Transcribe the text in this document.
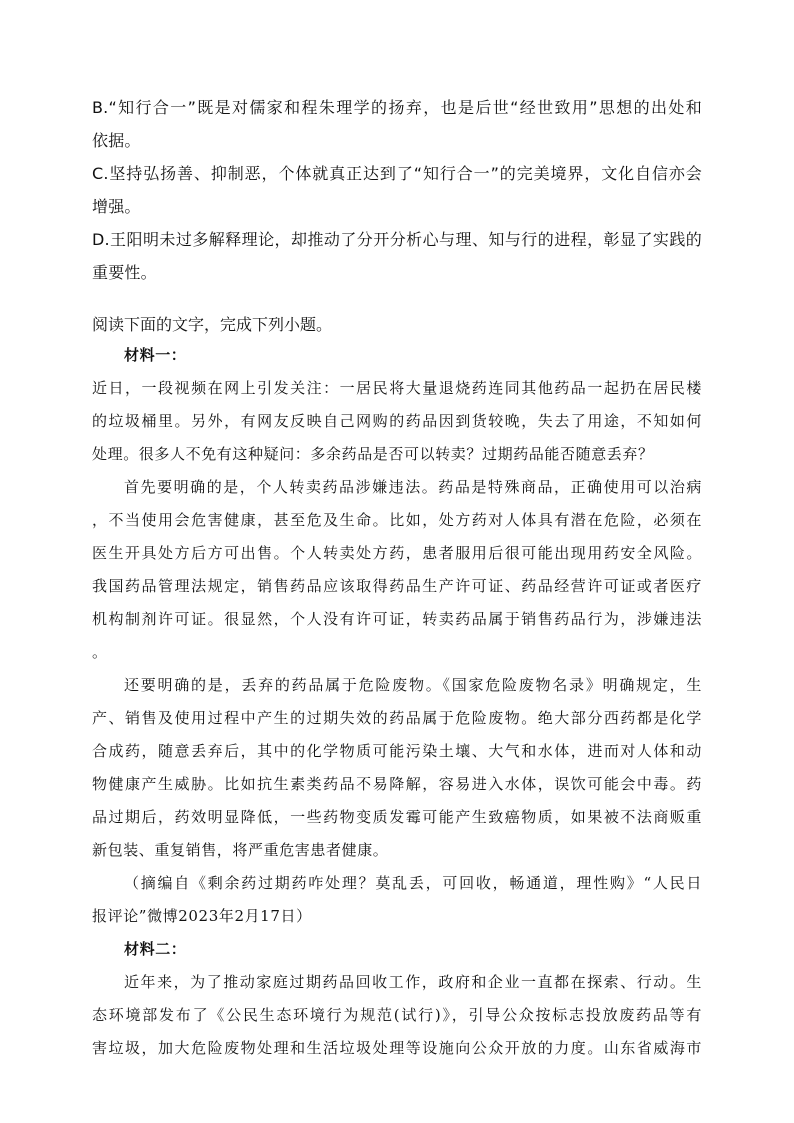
B.“知行合一”既是对儒家和程朱理学的扬弃，也是后世“经世致用”思想的出处和

依据。

C.坚持弘扬善、抑制恶，个体就真正达到了“知行合一”的完美境界，文化自信亦会

增强。

D.王阳明未过多解释理论，却推动了分开分析心与理、知与行的进程，彰显了实践的

重要性。

阅读下面的文字，完成下列小题。

材料一：

近日，一段视频在网上引发关注：一居民将大量退烧药连同其他药品一起扔在居民楼

的垃圾桶里。另外，有网友反映自己网购的药品因到货较晚，失去了用途，不知如何

处理。很多人不免有这种疑问：多余药品是否可以转卖？过期药品能否随意丢弃？

首先要明确的是，个人转卖药品涉嫌违法。药品是特殊商品，正确使用可以治病

，不当使用会危害健康，甚至危及生命。比如，处方药对人体具有潜在危险，必须在

医生开具处方后方可出售。个人转卖处方药，患者服用后很可能出现用药安全风险。

我国药品管理法规定，销售药品应该取得药品生产许可证、药品经营许可证或者医疗

机构制剂许可证。很显然，个人没有许可证，转卖药品属于销售药品行为，涉嫌违法

。

还要明确的是，丢弃的药品属于危险废物。《国家危险废物名录》明确规定，生

产、销售及使用过程中产生的过期失效的药品属于危险废物。绝大部分西药都是化学

合成药，随意丢弃后，其中的化学物质可能污染土壤、大气和水体，进而对人体和动

物健康产生威胁。比如抗生素类药品不易降解，容易进入水体，误饮可能会中毒。药

品过期后，药效明显降低，一些药物变质发霉可能产生致癌物质，如果被不法商贩重

新包装、重复销售，将严重危害患者健康。

（摘编自《剩余药过期药咋处理？莫乱丢，可回收，畅通道，理性购》“人民日

报评论”微博2023年2月17日）

材料二：

近年来，为了推动家庭过期药品回收工作，政府和企业一直都在探索、行动。生

态环境部发布了《公民生态环境行为规范(试行)》，引导公众按标志投放废药品等有

害垃圾，加大危险废物处理和生活垃圾处理等设施向公众开放的力度。山东省威海市
